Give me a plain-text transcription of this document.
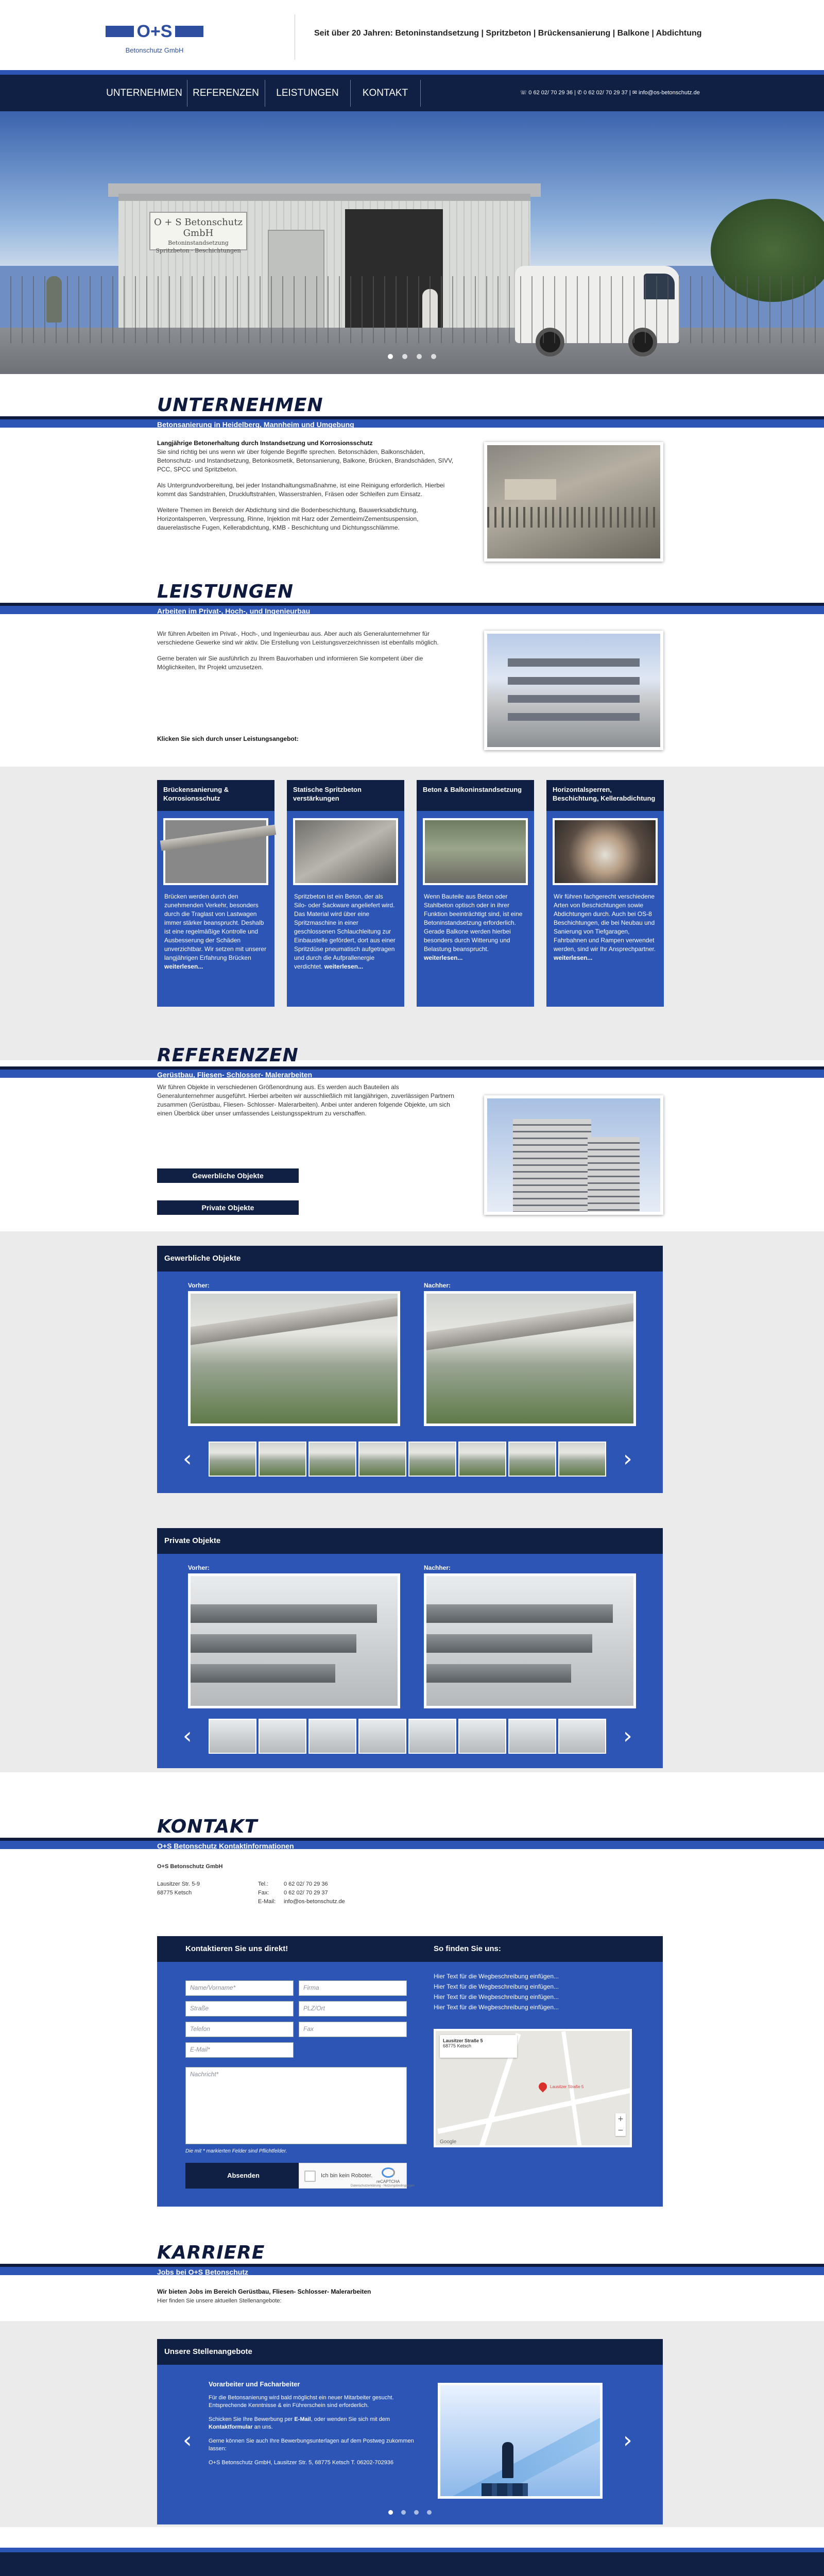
O+S
Betonschutz GmbH
Seit über 20 Jahren: Betoninstandsetzung | Spritzbeton | Brückensanierung | Balkone | Abdichtung
UNTERNEHMEN	REFERENZEN	LEISTUNGEN	KONTAKT	☏ 0 62 02/ 70 29 36 | ✆ 0 62 02/ 70 29 37 | ✉ info@os-betonschutz.de
O + S Betonschutz GmbH
Betoninstandsetzung
Spritzbeton · Beschichtungen
UNTERNEHMEN
Betonsanierung in Heidelberg, Mannheim und Umgebung

Langjährige Betonerhaltung durch Instandsetzung und Korrosionsschutz
Sie sind richtig bei uns wenn wir über folgende Begriffe sprechen. Betonschäden, Balkonschäden, Betonschutz- und Instandsetzung, Betonkosmetik, Betonsanierung, Balkone, Brücken, Brandschäden, SIVV, PCC, SPCC und Spritzbeton.

Als Untergrundvorbereitung, bei jeder Instandhaltungsmaßnahme, ist eine Reinigung erforderlich. Hierbei kommt das Sandstrahlen, Druckluftstrahlen, Wasserstrahlen, Fräsen oder Schleifen zum Einsatz.

Weitere Themen im Bereich der Abdichtung sind die Bodenbeschichtung, Bauwerksabdichtung, Horizontalsperren, Verpressung, Rinne, Injektion mit Harz oder Zementleim/Zementsuspension, dauerelastische Fugen, Kellerabdichtung, KMB - Beschichtung und Dichtungsschlämme.

LEISTUNGEN
Arbeiten im Privat-, Hoch-, und Ingenieurbau

Wir führen Arbeiten im Privat-, Hoch-, und Ingenieurbau aus. Aber auch als Generalunternehmer für verschiedene Gewerke sind wir aktiv. Die Erstellung von Leistungsverzeichnissen ist ebenfalls möglich.

Gerne beraten wir Sie ausführlich zu Ihrem Bauvorhaben und informieren Sie kompetent über die Möglichkeiten, Ihr Projekt umzusetzen.

Klicken Sie sich durch unser Leistungsangebot:
Brückensanierung & Korrosionsschutz
Brücken werden durch den zunehmenden Verkehr, besonders durch die Traglast von Lastwagen immer stärker beansprucht. Deshalb ist eine regelmäßige Kontrolle und Ausbesserung der Schäden unverzichtbar. Wir setzen mit unserer langjährigen Erfahrung Brücken weiterlesen...
Statische Spritzbeton verstärkungen
Spritzbeton ist ein Beton, der als Silo- oder Sackware angeliefert wird. Das Material wird über eine Spritzmaschine in einer geschlossenen Schlauchleitung zur Einbaustelle gefördert, dort aus einer Spritzdüse pneumatisch aufgetragen und durch die Aufprallenergie verdichtet. weiterlesen...
Beton & Balkoninstandsetzung
Wenn Bauteile aus Beton oder Stahlbeton optisch oder in ihrer Funktion beeinträchtigt sind, ist eine Betoninstandsetzung erforderlich. Gerade Balkone werden hierbei besonders durch Witterung und Belastung beansprucht. weiterlesen...
Horizontalsperren, Beschichtung, Kellerabdichtung
Wir führen fachgerecht verschiedene Arten von Beschichtungen sowie Abdichtungen durch. Auch bei OS-8 Beschichtungen, die bei Neubau und Sanierung von Tiefgaragen, Fahrbahnen und Rampen verwendet werden, sind wir Ihr Ansprechpartner. weiterlesen...
REFERENZEN
Gerüstbau, Fliesen- Schlosser- Malerarbeiten

Wir führen Objekte in verschiedenen Größenordnung aus. Es werden auch Bauteilen als Generalunternehmer ausgeführt. Hierbei arbeiten wir ausschließlich mit langjährigen, zuverlässigen Partnern zusammen (Gerüstbau, Fliesen- Schlosser- Malerarbeiten). Anbei unter anderen folgende Objekte, um sich einen Überblick über unser umfassendes Leistungsspektrum zu verschaffen.

Gewerbliche Objekte
Private Objekte
Gewerbliche Objekte
Vorher:	Nachher:
‹	›
Private Objekte
Vorher:	Nachher:
‹	›
KONTAKT
O+S Betonschutz Kontaktinformationen
O+S Betonschutz GmbH
Lausitzer Str. 5-9
68775 Ketsch
Tel.:	0 62 02/ 70 29 36
Fax:	0 62 02/ 70 29 37
E-Mail: info@os-betonschutz.de
Kontaktieren Sie uns direkt!	So finden Sie uns:
Name/Vorname*	Firma
Straße	PLZ/Ort
Telefon	Fax
E-Mail*
Nachricht*
Die mit * markierten Felder sind Pflichtfelder.
Absenden	Ich bin kein Roboter.
reCAPTCHA
Datenschutzerklärung - Nutzungsbedingungen
Hier Text für die Wegbeschreibung einfügen...
Hier Text für die Wegbeschreibung einfügen...
Hier Text für die Wegbeschreibung einfügen...
Hier Text für die Wegbeschreibung einfügen...
Lausitzer Straße 5
68775 Ketsch
Lausitzer Straße 5
Google
+
−
KARRIERE
Jobs bei O+S Betonschutz
Wir bieten Jobs im Bereich Gerüstbau, Fliesen- Schlosser- Malerarbeiten
Hier finden Sie unsere aktuellen Stellenangebote:
Unsere Stellenangebote

Vorarbeiter und Facharbeiter

Für die Betonsanierung wird bald möglichst ein neuer Mitarbeiter gesucht. Entsprechende Kenntnisse & ein Führerschein sind erforderlich.

Schicken Sie Ihre Bewerbung per E-Mail, oder wenden Sie sich mit dem Kontaktformular an uns.

Gerne können Sie auch Ihre Bewerbungsunterlagen auf dem Postweg zukommen lassen:

O+S Betonschutz GmbH, Lausitzer Str. 5, 68775 Ketsch T. 06202-702936

‹	›
